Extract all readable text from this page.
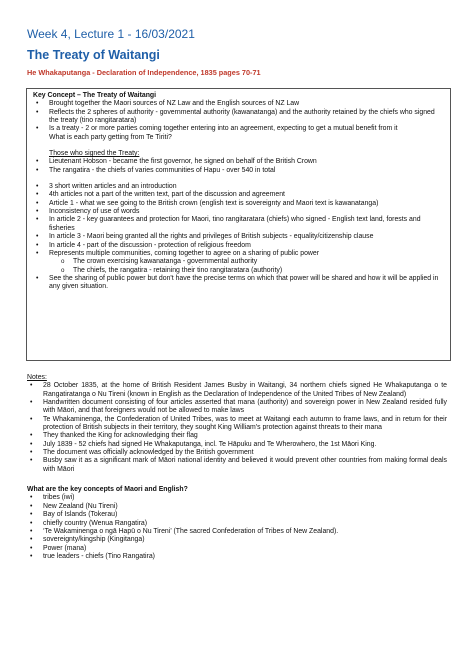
Week 4, Lecture 1 - 16/03/2021
The Treaty of Waitangi
He Whakaputanga - Declaration of Independence, 1835 pages 70-71
Key Concept – The Treaty of Waitangi
• Brought together the Maori sources of NZ Law and the English sources of NZ Law
• Reflects the 2 spheres of authority - governmental authority (kawanatanga) and the authority retained by the chiefs who signed the treaty (tino rangitaratara)
• Is a treaty - 2 or more parties coming together entering into an agreement, expecting to get a mutual benefit from it
What is each party getting from Te Tiriti?
Those who signed the Treaty:
• Lieutenant Hobson - became the first governor, he signed on behalf of the British Crown
• The rangatira - the chiefs of varies communities of Hapu - over 540 in total
• 3 short written articles and an introduction
• 4th articles not a part of the written text, part of the discussion and agreement
• Article 1 - what we see going to the British crown (english text is sovereignty and Maori text is kawanatanga)
• Inconsistency of use of words
• In article 2 - key guarantees and protection for Maori, tino rangitaratara (chiefs) who signed - English text land, forests and fisheries
• In article 3 - Maori being granted all the rights and privileges of British subjects - equality/citizenship clause
• In article 4 - part of the discussion - protection of religious freedom
• Represents multiple communities, coming together to agree on a sharing of public power
o The crown exercising kawanatanga - governmental authority
o The chiefs, the rangatira - retaining their tino rangitaratara (authority)
• See the sharing of public power but don't have the precise terms on which that power will be shared and how it will be applied in any given situation.
Notes:
• 28 October 1835, at the home of British Resident James Busby in Waitangi, 34 northern chiefs signed He Whakaputanga o te Rangatiratanga o Nu Tireni (known in English as the Declaration of Independence of the United Tribes of New Zealand)
• Handwritten document consisting of four articles asserted that mana (authority) and sovereign power in New Zealand resided fully with Māori, and that foreigners would not be allowed to make laws
• Te Whakaminenga, the Confederation of United Tribes, was to meet at Waitangi each autumn to frame laws, and in return for their protection of British subjects in their territory, they sought King William's protection against threats to their mana
• They thanked the King for acknowledging their flag
• July 1839 - 52 chiefs had signed He Whakaputanga, incl. Te Hāpuku and Te Wherowhero, the 1st Māori King.
• The document was officially acknowledged by the British government
• Busby saw it as a significant mark of Māori national identity and believed it would prevent other countries from making formal deals with Māori
What are the key concepts of Maori and English?
• tribes (iwi)
• New Zealand (Nu Tireni)
• Bay of Islands (Tokerau)
• chiefly country (Wenua Rangatira)
• ‘Te Wakaminenga o ngā Hapū o Nu Tireni’ (The sacred Confederation of Tribes of New Zealand).
• sovereignty/kingship (Kingitanga)
• Power (mana)
• true leaders - chiefs (Tino Rangatira)
